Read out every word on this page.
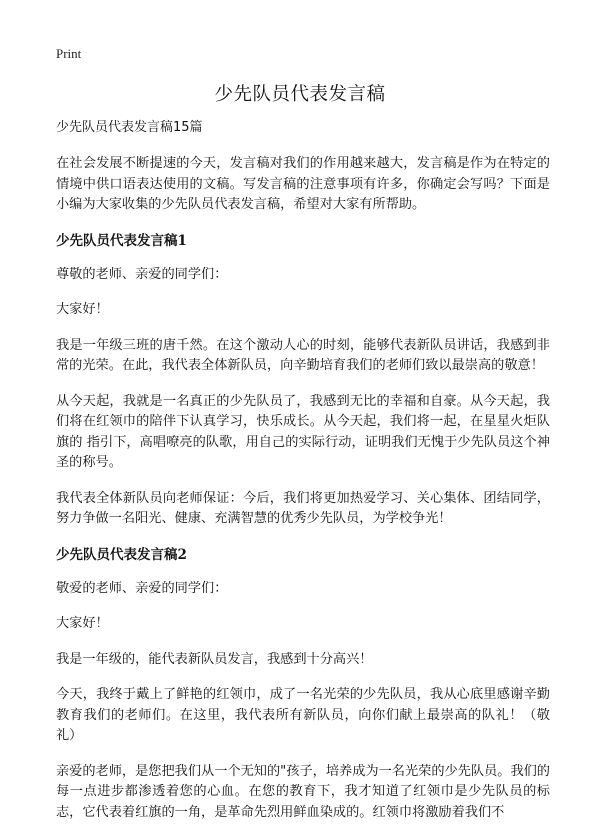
Print
少先队员代表发言稿
少先队员代表发言稿15篇

在社会发展不断提速的今天，发言稿对我们的作用越来越大，发言稿是作为在特定的情境中供口语表达使用的文稿。写发言稿的注意事项有许多，你确定会写吗？下面是小编为大家收集的少先队员代表发言稿，希望对大家有所帮助。

少先队员代表发言稿1

尊敬的老师、亲爱的同学们：

大家好！

我是一年级三班的唐千然。在这个激动人心的时刻，能够代表新队员讲话，我感到非常的光荣。在此，我代表全体新队员，向辛勤培育我们的老师们致以最崇高的敬意！

从今天起，我就是一名真正的少先队员了，我感到无比的幸福和自豪。从今天起，我们将在红领巾的陪伴下认真学习，快乐成长。从今天起，我们将一起，在星星火炬队旗的 指引下，高唱嘹亮的队歌，用自己的实际行动，证明我们无愧于少先队员这个神圣的称号。

我代表全体新队员向老师保证：今后，我们将更加热爱学习、关心集体、团结同学，努力争做一名阳光、健康、充满智慧的优秀少先队员，为学校争光！

少先队员代表发言稿2

敬爱的老师、亲爱的同学们：

大家好！

我是一年级的，能代表新队员发言，我感到十分高兴！

今天，我终于戴上了鲜艳的红领巾，成了一名光荣的少先队员，我从心底里感谢辛勤教育我们的老师们。在这里，我代表所有新队员，向你们献上最崇高的队礼！（敬礼）

亲爱的老师，是您把我们从一个无知的"孩子，培养成为一名光荣的少先队员。我们的每一点进步都渗透着您的心血。在您的教育下，我才知道了红领巾是少先队员的标志，它代表着红旗的一角，是革命先烈用鲜血染成的。红领巾将激励着我们不
